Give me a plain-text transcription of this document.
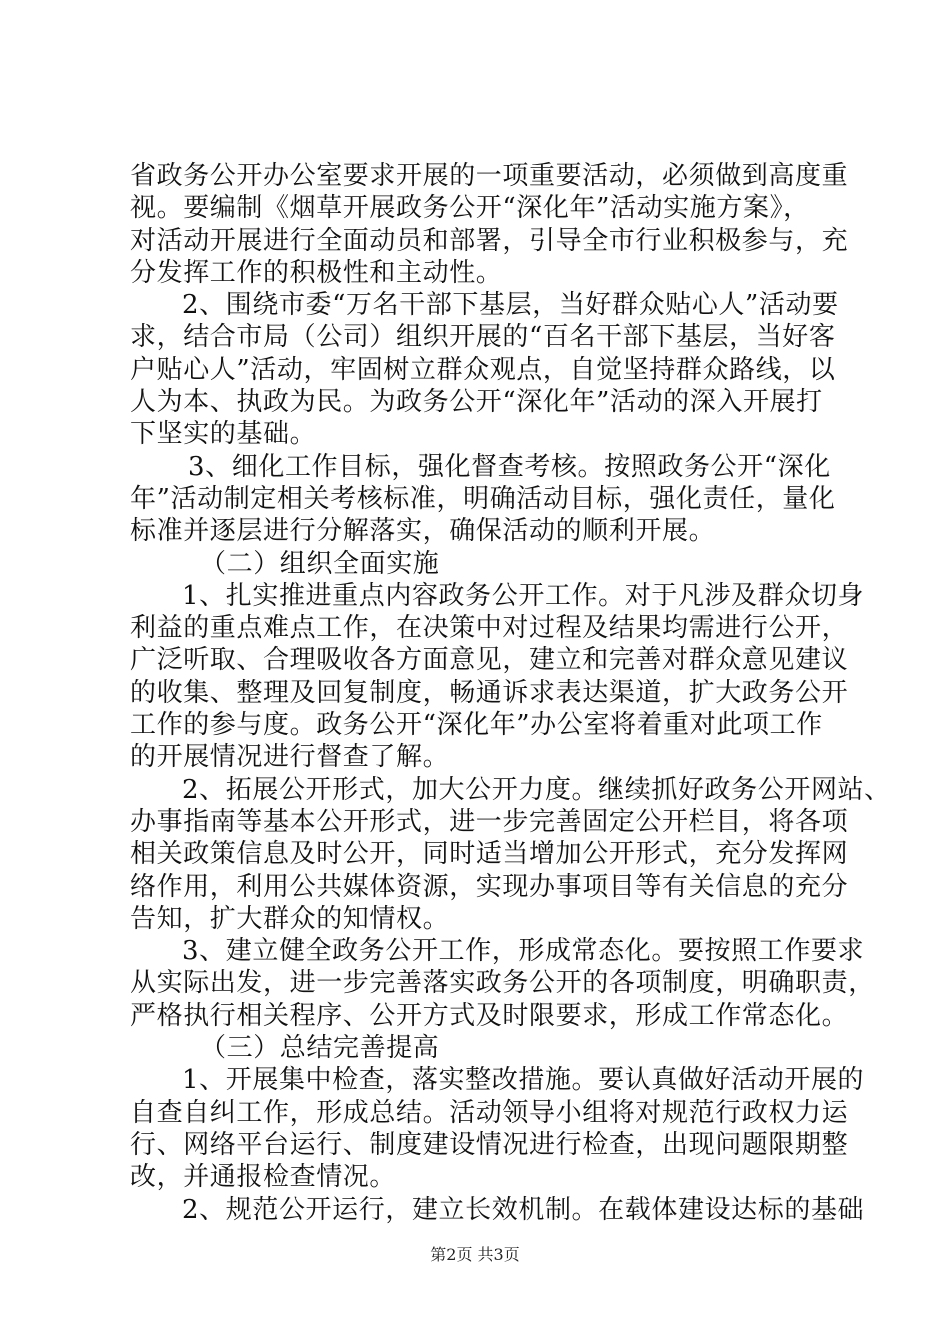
省政务公开办公室要求开展的一项重要活动，必须做到高度重
视。要编制《烟草开展政务公开“深化年”活动实施方案》，
对活动开展进行全面动员和部署，引导全市行业积极参与，充
分发挥工作的积极性和主动性。
2、围绕市委“万名干部下基层，当好群众贴心人”活动要
求，结合市局（公司）组织开展的“百名干部下基层，当好客
户贴心人”活动，牢固树立群众观点，自觉坚持群众路线，以
人为本、执政为民。为政务公开“深化年”活动的深入开展打
下坚实的基础。
3、细化工作目标，强化督查考核。按照政务公开“深化
年”活动制定相关考核标准，明确活动目标，强化责任，量化
标准并逐层进行分解落实，确保活动的顺利开展。
（二）组织全面实施
1、扎实推进重点内容政务公开工作。对于凡涉及群众切身
利益的重点难点工作，在决策中对过程及结果均需进行公开，
广泛听取、合理吸收各方面意见，建立和完善对群众意见建议
的收集、整理及回复制度，畅通诉求表达渠道，扩大政务公开
工作的参与度。政务公开“深化年”办公室将着重对此项工作
的开展情况进行督查了解。
2、拓展公开形式，加大公开力度。继续抓好政务公开网站、
办事指南等基本公开形式，进一步完善固定公开栏目，将各项
相关政策信息及时公开，同时适当增加公开形式，充分发挥网
络作用，利用公共媒体资源，实现办事项目等有关信息的充分
告知，扩大群众的知情权。
3、建立健全政务公开工作，形成常态化。要按照工作要求
从实际出发，进一步完善落实政务公开的各项制度，明确职责，
严格执行相关程序、公开方式及时限要求，形成工作常态化。
（三）总结完善提高
1、开展集中检查，落实整改措施。要认真做好活动开展的
自查自纠工作，形成总结。活动领导小组将对规范行政权力运
行、网络平台运行、制度建设情况进行检查，出现问题限期整
改，并通报检查情况。
2、规范公开运行，建立长效机制。在载体建设达标的基础
第2页 共3页
